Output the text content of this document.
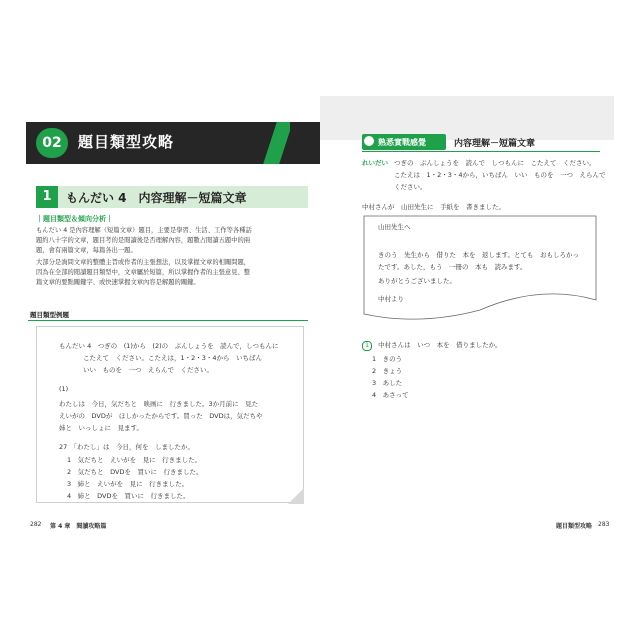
02	題目類型攻略
1	もんだい 4　内容理解－短篇文章
｜題目類型＆傾向分析｜
もんだい 4 是內容理解（短篇文章）題目，主要是學習、生活、工作等各種話
題約八十字的文章，題目考的是閱讀後是否理解內容，題數占閱讀五題中的兩
題，會有兩篇文章，每篇各出一題。
大部分是詢問文章的整體主旨或作者的主張想法，以及掌握文章的相關問題，
因為在全部的閱讀題目類型中，文章屬於短篇，所以掌握作者的主張意見、整
篇文章的要點關鍵字、或快速掌握文章內容是解題的關鍵。
題目類型例題
もんだい 4　つぎの　(1)から　(2)の　ぶんしょうを　読んで，しつもんに
こたえて　ください。こたえは，1・2・3・4から　いちばん
いい　ものを　一つ　えらんで　ください。
(1)
わたしは　今日，気だちと　映画に　行きました。3か月前に　見た
えいがの　DVDが　ほしかったからです。買った　DVDは，気だちや
姉と　いっしょに　見ます。
27　「わたし」は　今日，何を　しましたか。
1　気だちと　えいがを　見に　行きました。
2　気だちと　DVDを　買いに　行きました。
3　姉と　えいがを　見に　行きました。
4　姉と　DVDを　買いに　行きました。
282 第 4 章　閱讀攻略篇
熟悉實戰感覺	内容理解－短篇文章
れいだい つぎの　ぶんしょうを　読んで　しつもんに　こたえて　ください。
こたえは　1・2・3・4から，いちばん　いい　ものを　一つ　えらんで
ください。
中村さんが　山田先生に　手紙を　書きました。
山田先生へ
きのう　先生から　借りた　本を　返します。とても　おもしろかっ
たです。あした，もう　一冊の　本も　読みます。
ありがとうございました。
中村より
1 中村さんは　いつ　本を　借りましたか。
1　きのう
2　きょう
3　あした
4　あさって
題目類型攻略 283
